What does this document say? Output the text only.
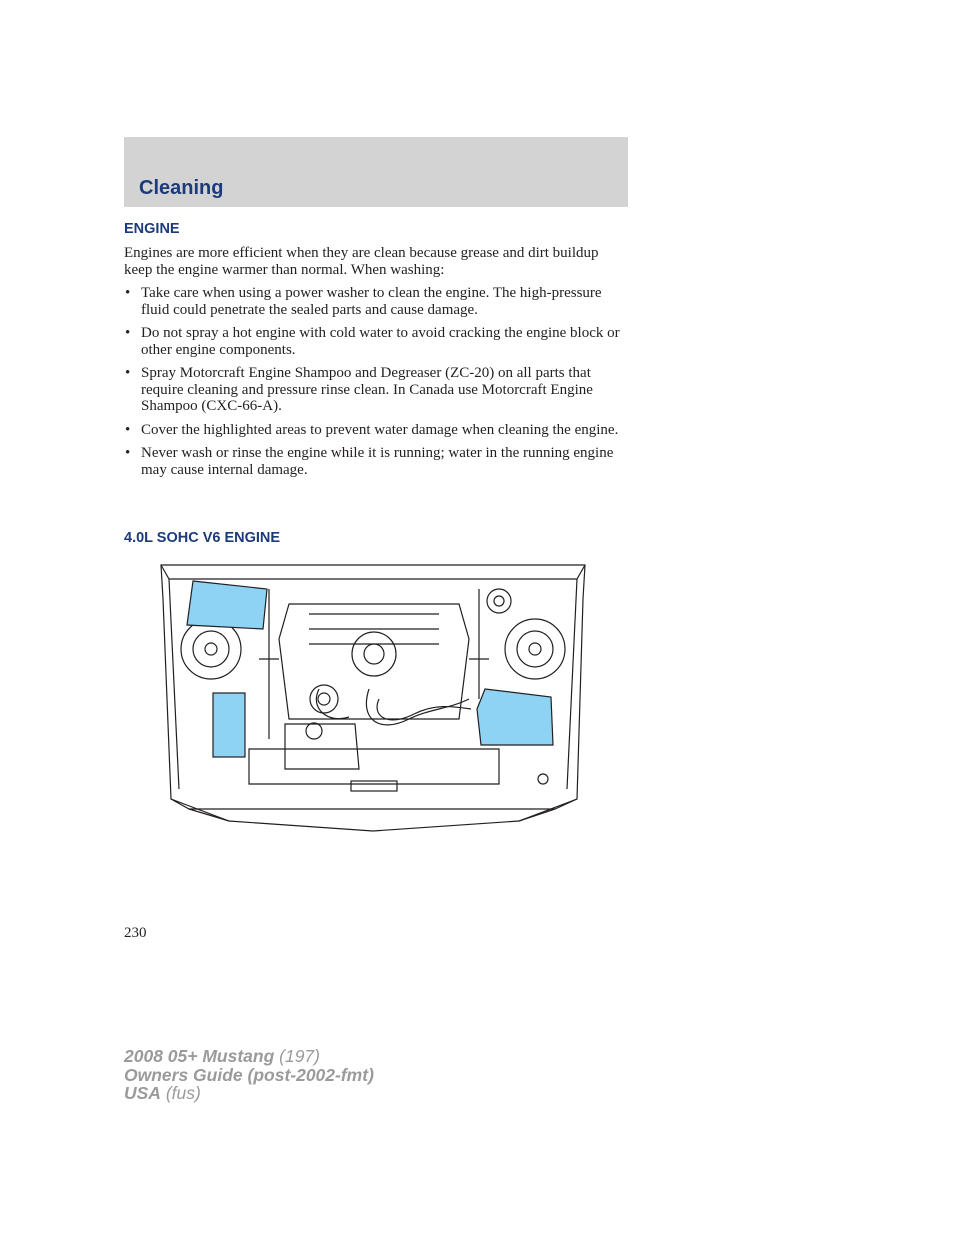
Cleaning
ENGINE

Engines are more efficient when they are clean because grease and dirt buildup keep the engine warmer than normal. When washing:

• Take care when using a power washer to clean the engine. The high-pressure fluid could penetrate the sealed parts and cause damage.
• Do not spray a hot engine with cold water to avoid cracking the engine block or other engine components.
• Spray Motorcraft Engine Shampoo and Degreaser (ZC-20) on all parts that require cleaning and pressure rinse clean. In Canada use Motorcraft Engine Shampoo (CXC-66-A).
• Cover the highlighted areas to prevent water damage when cleaning the engine.
• Never wash or rinse the engine while it is running; water in the running engine may cause internal damage.
4.0L SOHC V6 ENGINE
230
2008 05+ Mustang (197)
Owners Guide (post-2002-fmt)
USA (fus)
